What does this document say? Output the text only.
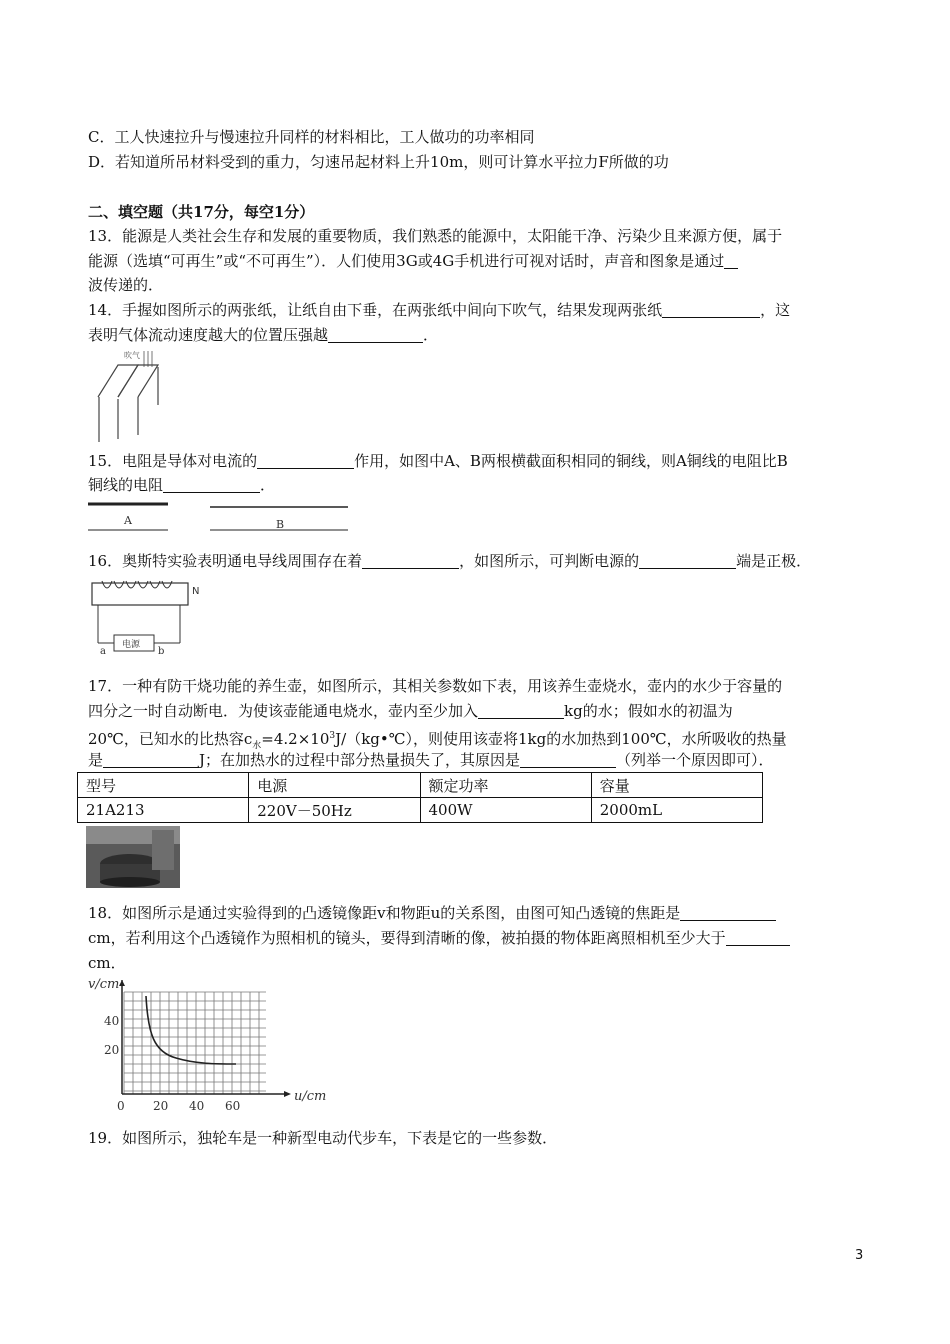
C．工人快速拉升与慢速拉升同样的材料相比，工人做功的功率相同
D．若知道所吊材料受到的重力，匀速吊起材料上升10m，则可计算水平拉力F所做的功
二、填空题（共17分，每空1分）
13．能源是人类社会生存和发展的重要物质，我们熟悉的能源中，太阳能干净、污染少且来源方便，属于
能源（选填“可再生”或“不可再生”）．人们使用3G或4G手机进行可视对话时，声音和图象是通过
波传递的．
14．手握如图所示的两张纸，让纸自由下垂，在两张纸中间向下吹气，结果发现两张纸	，这
表明气体流动速度越大的位置压强越	．
吹气
15．电阻是导体对电流的	作用，如图中A、B两根横截面积相同的铜线，则A铜线的电阻比B
铜线的电阻	．
A	B
16．奥斯特实验表明通电导线周围存在着	，如图所示，可判断电源的	端是正极．
N
电源
a	b
17．一种有防干烧功能的养生壶，如图所示，其相关参数如下表，用该养生壶烧水，壶内的水少于容量的
四分之一时自动断电．为使该壶能通电烧水，壶内至少加入	kg的水；假如水的初温为
20℃，已知水的比热容$c_水=4.2\times 10^3J/(kg•℃)$，则使用该壶将1kg的水加热到100℃，水所吸收的热量
是	J；在加热水的过程中部分热量损失了，其原因是	（列举一个原因即可）．
型号	电源	额定功率	容量
21A213	220V－50Hz	400W	2000mL
18．如图所示是通过实验得到的凸透镜像距v和物距u的关系图，由图可知凸透镜的焦距是
cm，若利用这个凸透镜作为照相机的镜头，要得到清晰的像，被拍摄的物体距离照相机至少大于
cm．
v/cm
u/cm
20
40
0 20 40 60
19．如图所示，独轮车是一种新型电动代步车，下表是它的一些参数．
3
